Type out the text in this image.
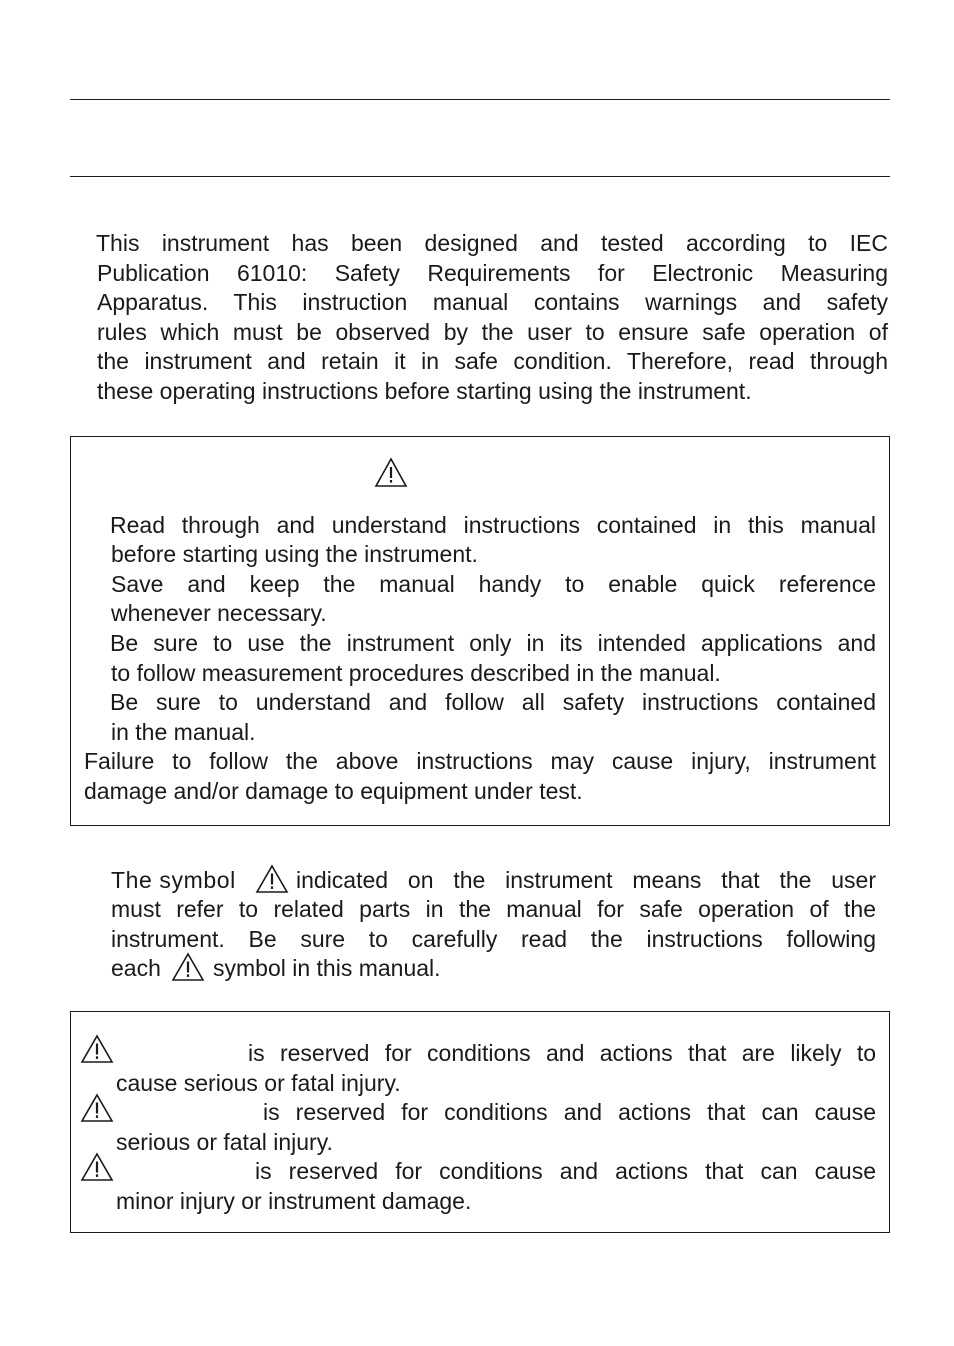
This instrument has been designed and tested according to IEC
Publication 61010: Safety Requirements for Electronic Measuring
Apparatus. This instruction manual contains warnings and safety
rules which must be observed by the user to ensure safe operation of
the instrument and retain it in safe condition. Therefore, read through
these operating instructions before starting using the instrument.
Read through and understand instructions contained in this manual
before starting using the instrument.
Save and keep the manual handy to enable quick reference
whenever necessary.
Be sure to use the instrument only in its intended applications and
to follow measurement procedures described in the manual.
Be sure to understand and follow all safety instructions contained
in the manual.
Failure to follow the above instructions may cause injury, instrument
damage and/or damage to equipment under test.
The symbol	indicated on the instrument means that the user
must refer to related parts in the manual for safe operation of the
instrument. Be sure to carefully read the instructions following
each symbol in this manual.
is reserved for conditions and actions that are likely to
cause serious or fatal injury.
is reserved for conditions and actions that can cause
serious or fatal injury.
is reserved for conditions and actions that can cause
minor injury or instrument damage.
